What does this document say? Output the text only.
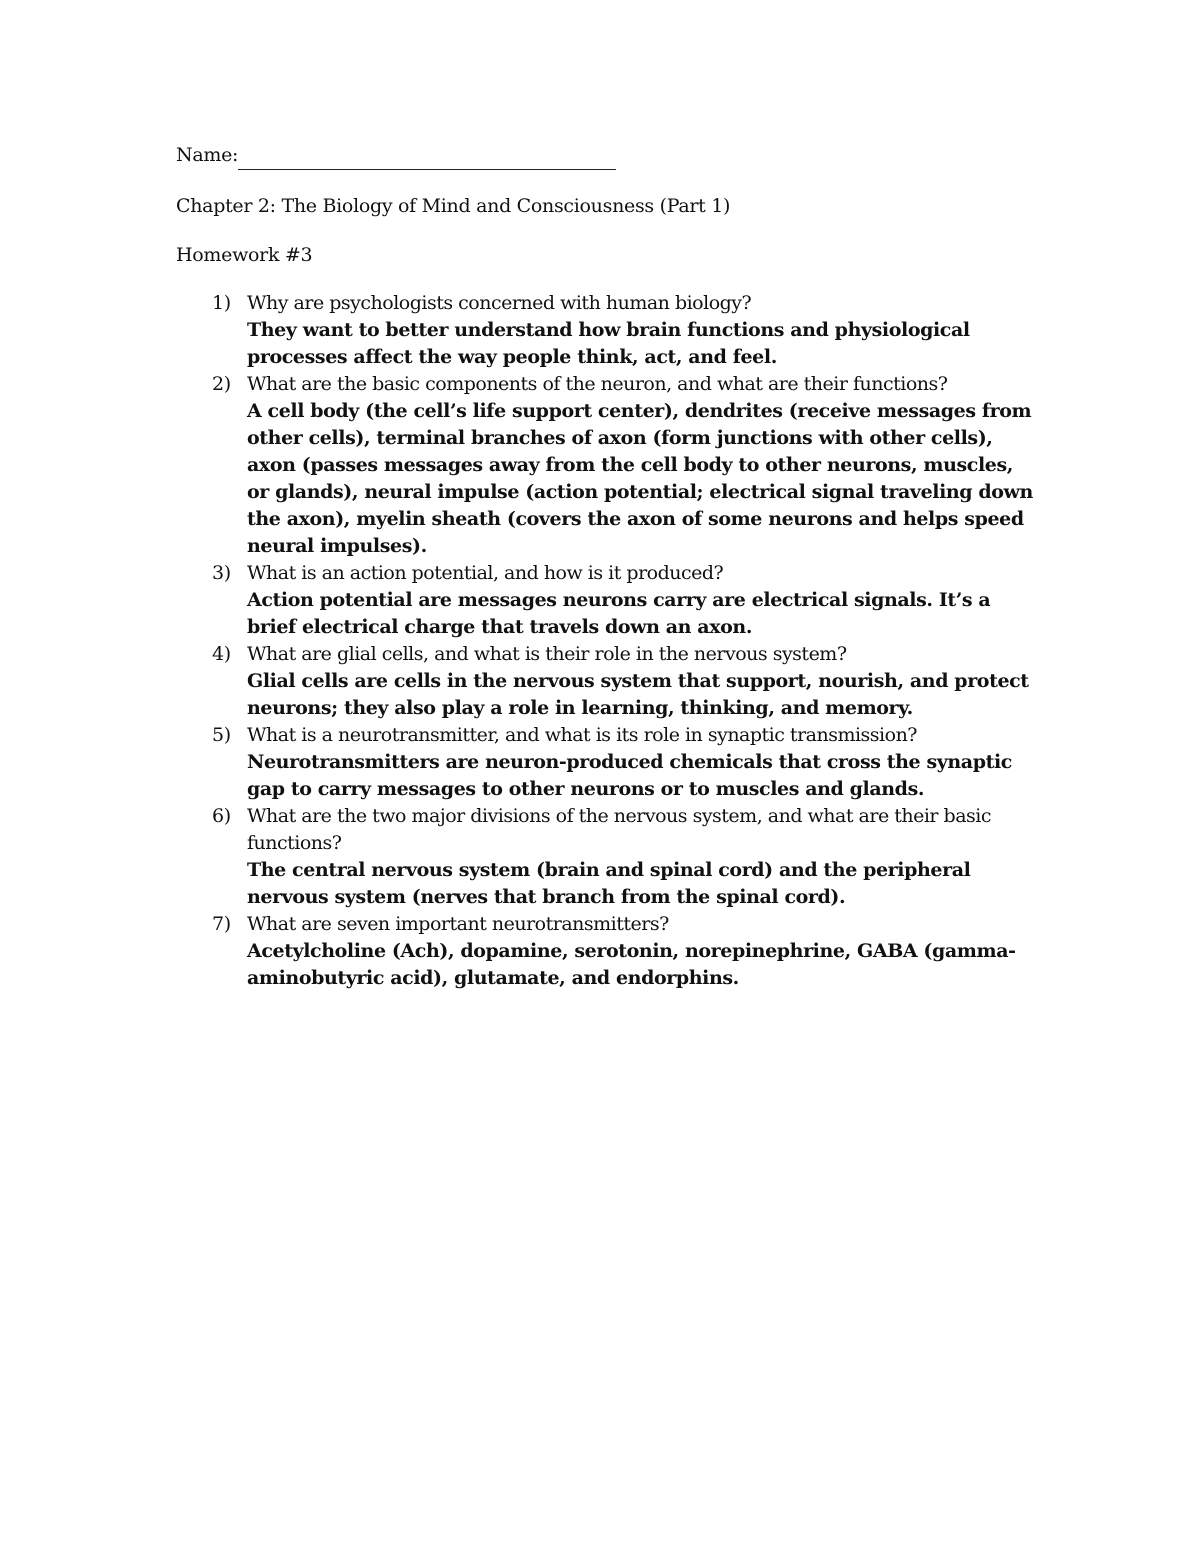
Name:
Chapter 2: The Biology of Mind and Consciousness (Part 1)
Homework #3
1) Why are psychologists concerned with human biology?
They want to better understand how brain functions and physiological processes affect the way people think, act, and feel.
2) What are the basic components of the neuron, and what are their functions?
A cell body (the cell’s life support center), dendrites (receive messages from other cells), terminal branches of axon (form junctions with other cells), axon (passes messages away from the cell body to other neurons, muscles, or glands), neural impulse (action potential; electrical signal traveling down the axon), myelin sheath (covers the axon of some neurons and helps speed neural impulses).
3) What is an action potential, and how is it produced?
Action potential are messages neurons carry are electrical signals. It’s a brief electrical charge that travels down an axon.
4) What are glial cells, and what is their role in the nervous system?
Glial cells are cells in the nervous system that support, nourish, and protect neurons; they also play a role in learning, thinking, and memory.
5) What is a neurotransmitter, and what is its role in synaptic transmission?
Neurotransmitters are neuron-produced chemicals that cross the synaptic gap to carry messages to other neurons or to muscles and glands.
6) What are the two major divisions of the nervous system, and what are their basic functions?
The central nervous system (brain and spinal cord) and the peripheral nervous system (nerves that branch from the spinal cord).
7) What are seven important neurotransmitters?
Acetylcholine (Ach), dopamine, serotonin, norepinephrine, GABA (gamma-aminobutyric acid), glutamate, and endorphins.
